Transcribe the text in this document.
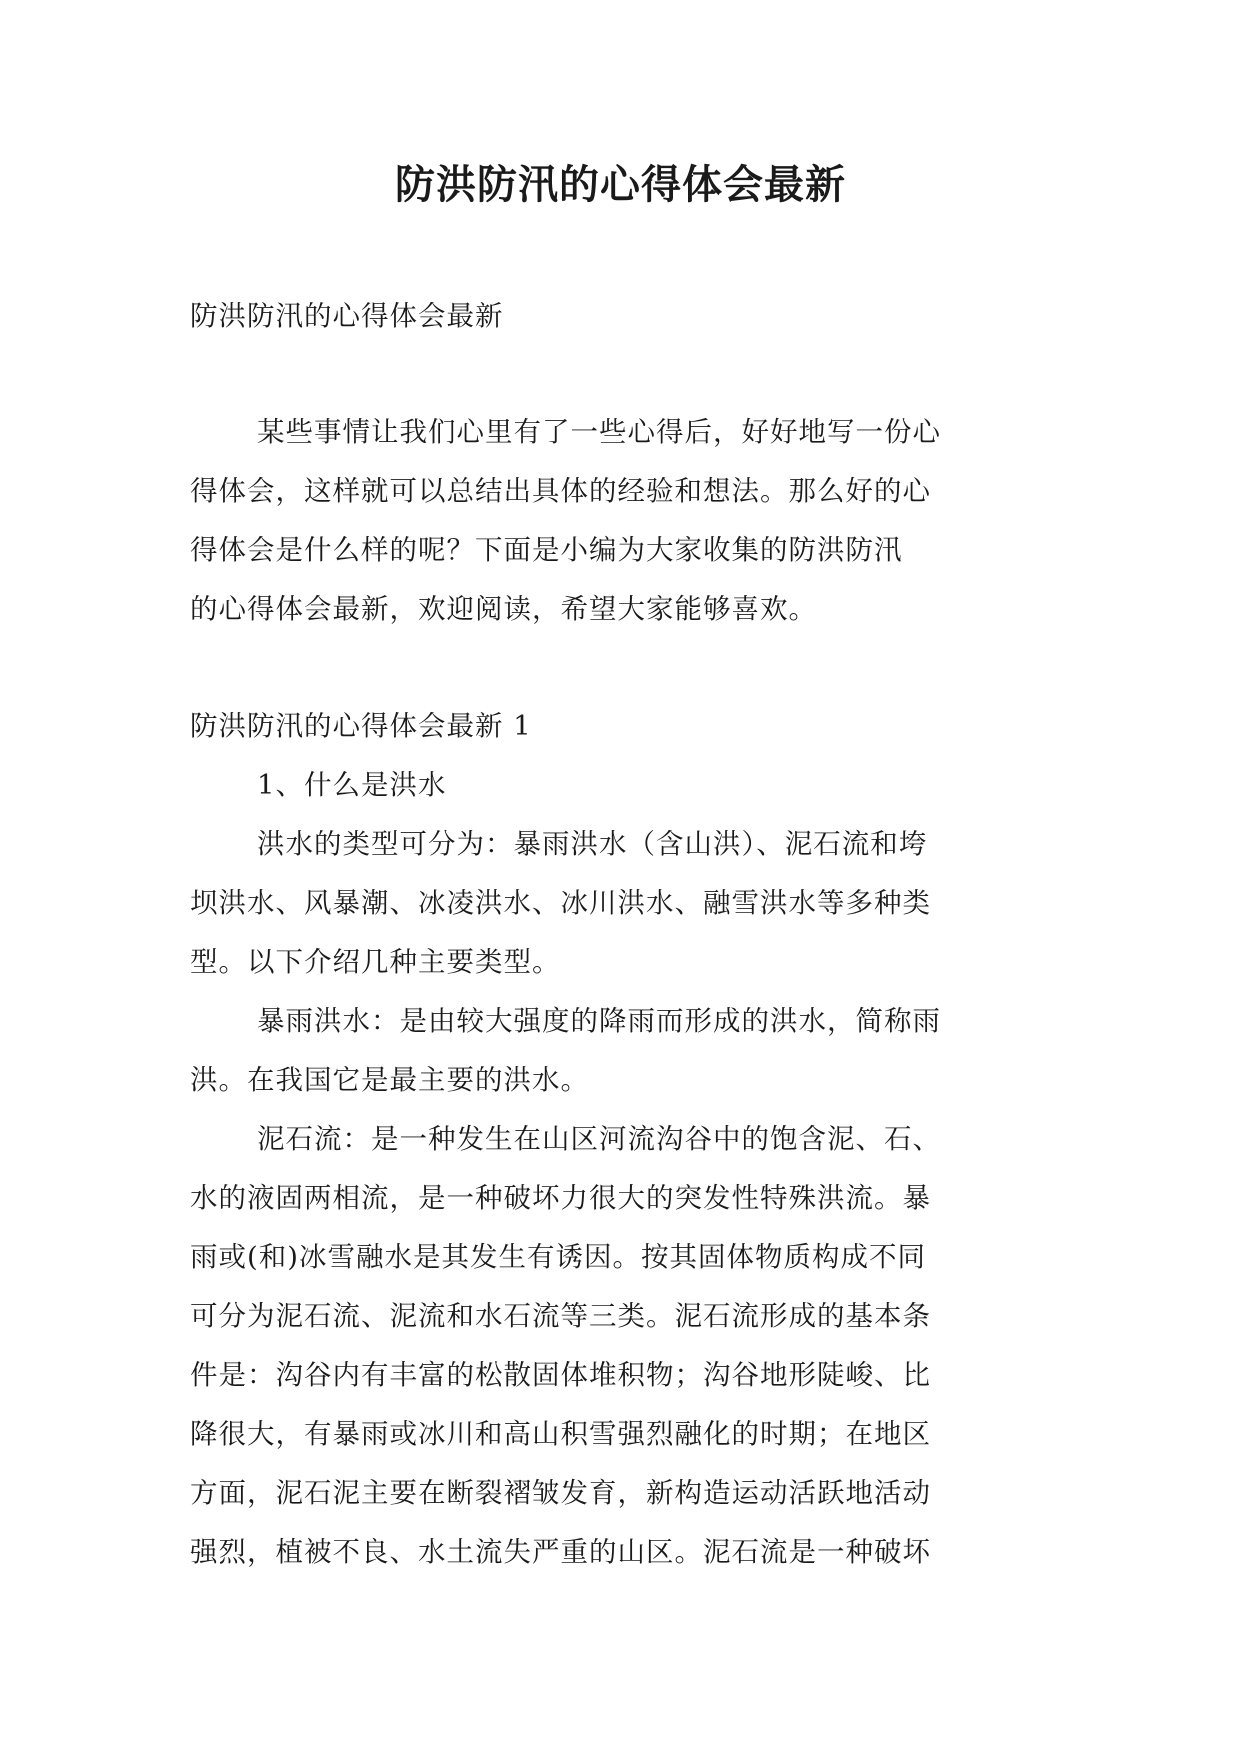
防洪防汛的心得体会最新
防洪防汛的心得体会最新
某些事情让我们心里有了一些心得后，好好地写一份心
得体会，这样就可以总结出具体的经验和想法。那么好的心
得体会是什么样的呢？下面是小编为大家收集的防洪防汛
的心得体会最新，欢迎阅读，希望大家能够喜欢。
防洪防汛的心得体会最新 1
1、什么是洪水
洪水的类型可分为：暴雨洪水（含山洪）、泥石流和垮
坝洪水、风暴潮、冰凌洪水、冰川洪水、融雪洪水等多种类
型。以下介绍几种主要类型。
暴雨洪水：是由较大强度的降雨而形成的洪水，简称雨
洪。在我国它是最主要的洪水。
泥石流：是一种发生在山区河流沟谷中的饱含泥、石、
水的液固两相流，是一种破坏力很大的突发性特殊洪流。暴
雨或(和)冰雪融水是其发生有诱因。按其固体物质构成不同
可分为泥石流、泥流和水石流等三类。泥石流形成的基本条
件是：沟谷内有丰富的松散固体堆积物；沟谷地形陡峻、比
降很大，有暴雨或冰川和高山积雪强烈融化的时期；在地区
方面，泥石泥主要在断裂褶皱发育，新构造运动活跃地活动
强烈，植被不良、水土流失严重的山区。泥石流是一种破坏
